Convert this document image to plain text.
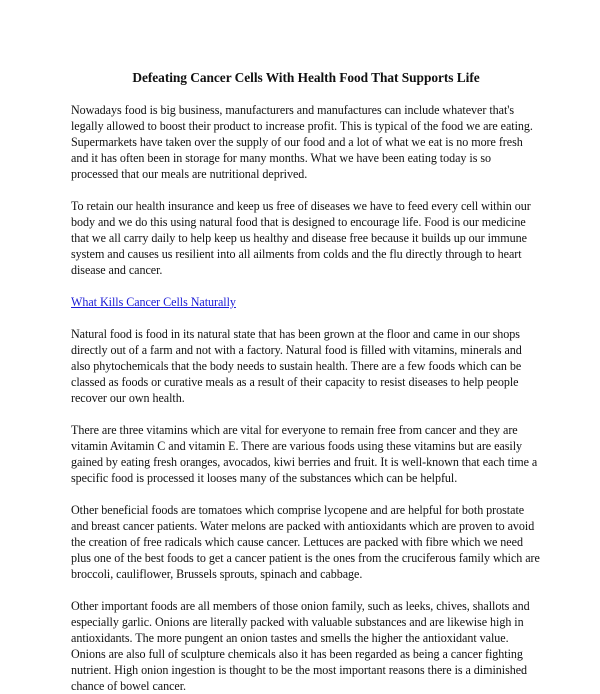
Defeating Cancer Cells With Health Food That Supports Life

Nowadays food is big business, manufacturers and manufactures can include whatever that's legally allowed to boost their product to increase profit. This is typical of the food we are eating. Supermarkets have taken over the supply of our food and a lot of what we eat is no more fresh and it has often been in storage for many months. What we have been eating today is so processed that our meals are nutritional deprived.

To retain our health insurance and keep us free of diseases we have to feed every cell within our body and we do this using natural food that is designed to encourage life. Food is our medicine that we all carry daily to help keep us healthy and disease free because it builds up our immune system and causes us resilient into all ailments from colds and the flu directly through to heart disease and cancer.

What Kills Cancer Cells Naturally

Natural food is food in its natural state that has been grown at the floor and came in our shops directly out of a farm and not with a factory. Natural food is filled with vitamins, minerals and also phytochemicals that the body needs to sustain health. There are a few foods which can be classed as foods or curative meals as a result of their capacity to resist diseases to help people recover our own health.

There are three vitamins which are vital for everyone to remain free from cancer and they are vitamin Avitamin C and vitamin E. There are various foods using these vitamins but are easily gained by eating fresh oranges, avocados, kiwi berries and fruit. It is well-known that each time a specific food is processed it looses many of the substances which can be helpful.

Other beneficial foods are tomatoes which comprise lycopene and are helpful for both prostate and breast cancer patients. Water melons are packed with antioxidants which are proven to avoid the creation of free radicals which cause cancer. Lettuces are packed with fibre which we need plus one of the best foods to get a cancer patient is the ones from the cruciferous family which are broccoli, cauliflower, Brussels sprouts, spinach and cabbage.

Other important foods are all members of those onion family, such as leeks, chives, shallots and especially garlic. Onions are literally packed with valuable substances and are likewise high in antioxidants. The more pungent an onion tastes and smells the higher the antioxidant value. Onions are also full of sculpture chemicals also it has been regarded as being a cancer fighting nutrient. High onion ingestion is thought to be the most important reasons there is a diminished chance of bowel cancer.
